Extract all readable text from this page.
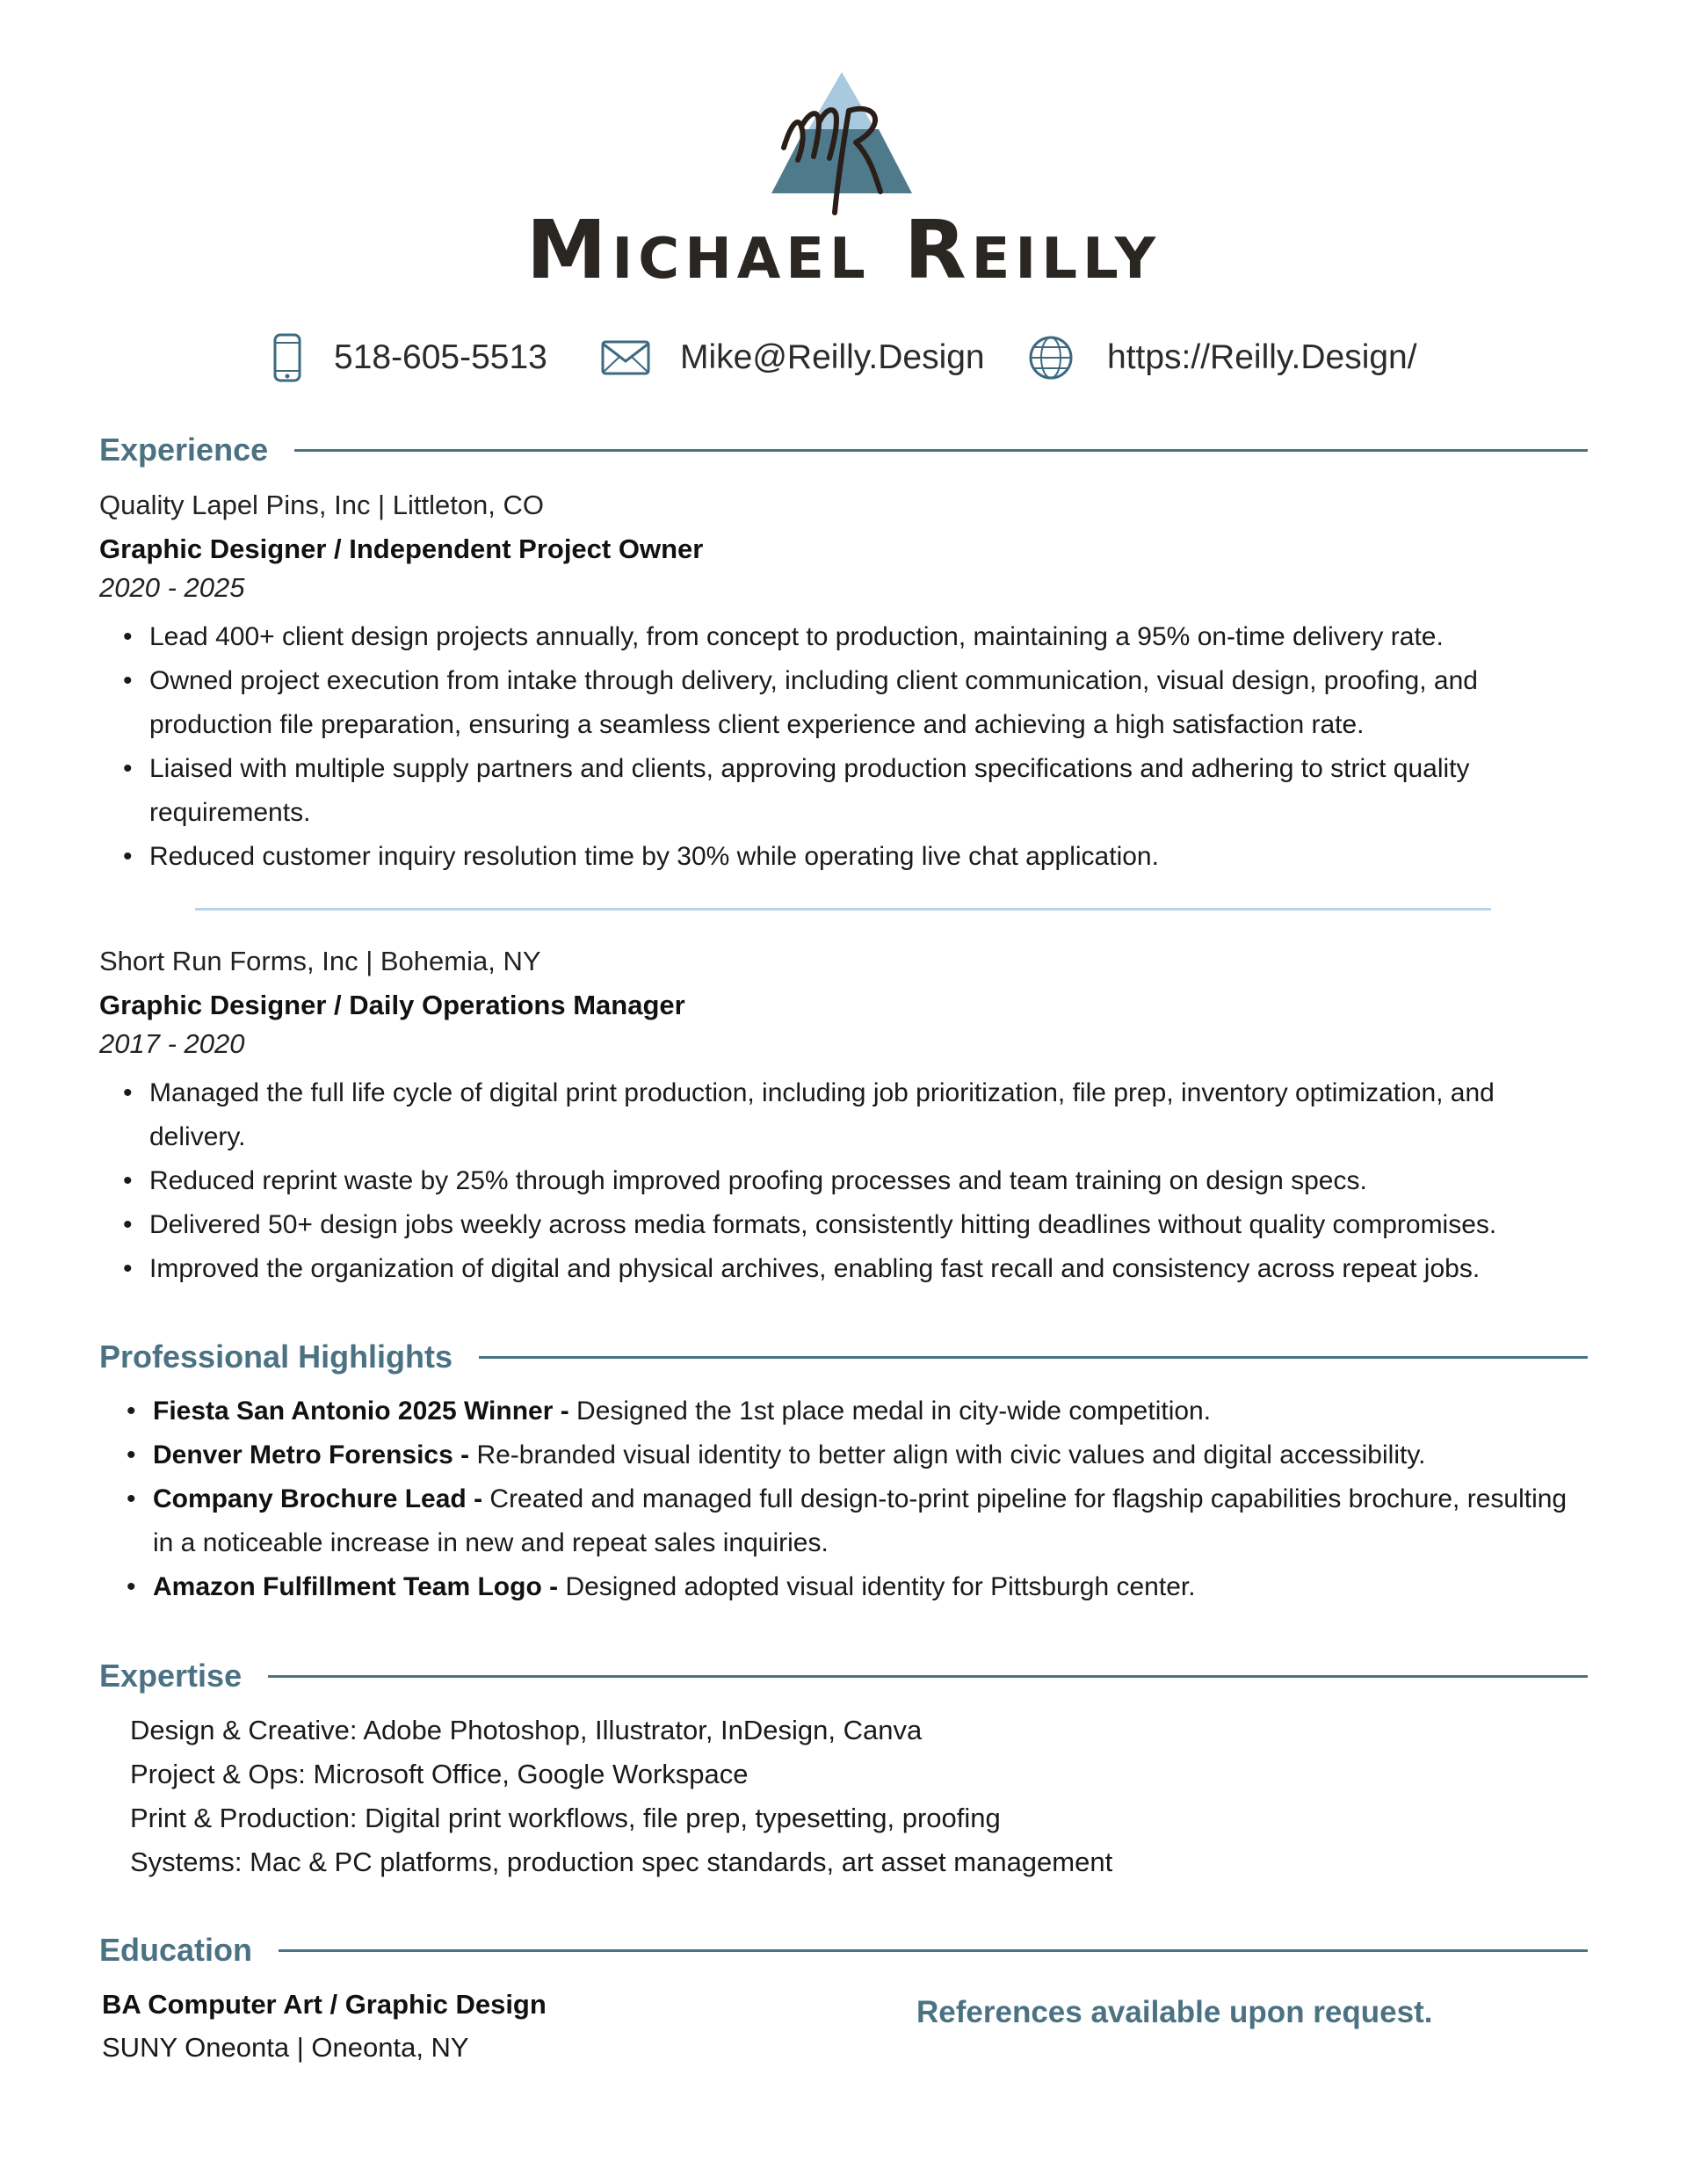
Michael Reilly
518-605-5513	Mike@Reilly.Design	https://Reilly.Design/
Experience
Quality Lapel Pins, Inc | Littleton, CO
Graphic Designer / Independent Project Owner
2020 - 2025
• Lead 400+ client design projects annually, from concept to production, maintaining a 95% on-time delivery rate.
• Owned project execution from intake through delivery, including client communication, visual design, proofing, and production file preparation, ensuring a seamless client experience and achieving a high satisfaction rate.
• Liaised with multiple supply partners and clients, approving production specifications and adhering to strict quality requirements.
• Reduced customer inquiry resolution time by 30% while operating live chat application.
Short Run Forms, Inc | Bohemia, NY
Graphic Designer / Daily Operations Manager
2017 - 2020
• Managed the full life cycle of digital print production, including job prioritization, file prep, inventory optimization, and delivery.
• Reduced reprint waste by 25% through improved proofing processes and team training on design specs.
• Delivered 50+ design jobs weekly across media formats, consistently hitting deadlines without quality compromises.
• Improved the organization of digital and physical archives, enabling fast recall and consistency across repeat jobs.
Professional Highlights
• Fiesta San Antonio 2025 Winner - Designed the 1st place medal in city-wide competition.
• Denver Metro Forensics - Re-branded visual identity to better align with civic values and digital accessibility.
• Company Brochure Lead - Created and managed full design-to-print pipeline for flagship capabilities brochure, resulting in a noticeable increase in new and repeat sales inquiries.
• Amazon Fulfillment Team Logo - Designed adopted visual identity for Pittsburgh center.
Expertise
Design & Creative: Adobe Photoshop, Illustrator, InDesign, Canva
Project & Ops: Microsoft Office, Google Workspace
Print & Production: Digital print workflows, file prep, typesetting, proofing
Systems: Mac & PC platforms, production spec standards, art asset management
Education
BA Computer Art / Graphic Design
SUNY Oneonta | Oneonta, NY
References available upon request.
